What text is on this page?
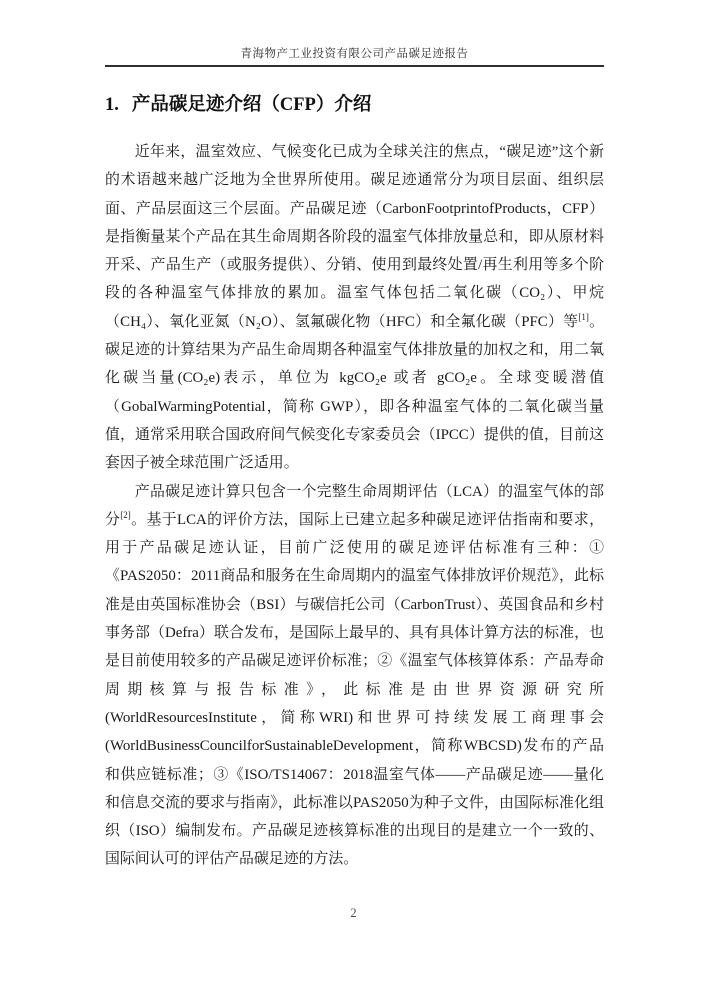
青海物产工业投资有限公司产品碳足迹报告
1. 产品碳足迹介绍（CFP）介绍

近年来，温室效应、气候变化已成为全球关注的焦点，“碳足迹”这个新的术语越来越广泛地为全世界所使用。碳足迹通常分为项目层面、组织层面、产品层面这三个层面。产品碳足迹（CarbonFootprintofProducts，CFP）是指衡量某个产品在其生命周期各阶段的温室气体排放量总和，即从原材料开采、产品生产（或服务提供）、分销、使用到最终处置/再生利用等多个阶段的各种温室气体排放的累加。温室气体包括二氧化碳（CO₂）、甲烷（CH₄）、氧化亚氮（N₂O）、氢氟碳化物（HFC）和全氟化碳（PFC）等[1]。碳足迹的计算结果为产品生命周期各种温室气体排放量的加权之和，用二氧化碳当量(CO₂e)表示，单位为 kgCO₂e 或者 gCO₂e。全球变暖潜值（GobalWarmingPotential，简称 GWP），即各种温室气体的二氧化碳当量值，通常采用联合国政府间气候变化专家委员会（IPCC）提供的值，目前这套因子被全球范围广泛适用。

产品碳足迹计算只包含一个完整生命周期评估（LCA）的温室气体的部分[2]。基于LCA的评价方法，国际上已建立起多种碳足迹评估指南和要求，用于产品碳足迹认证，目前广泛使用的碳足迹评估标准有三种：①《PAS2050：2011商品和服务在生命周期内的温室气体排放评价规范》，此标准是由英国标准协会（BSI）与碳信托公司（CarbonTrust）、英国食品和乡村事务部（Defra）联合发布，是国际上最早的、具有具体计算方法的标准，也是目前使用较多的产品碳足迹评价标准；②《温室气体核算体系：产品寿命周期核算与报告标准》，此标准是由世界资源研究所(WorldResourcesInstitute，简称WRI)和世界可持续发展工商理事会(WorldBusinessCouncilforSustainableDevelopment，简称WBCSD)发布的产品和供应链标准；③《ISO/TS14067：2018温室气体——产品碳足迹——量化和信息交流的要求与指南》，此标准以PAS2050为种子文件，由国际标准化组织（ISO）编制发布。产品碳足迹核算标准的出现目的是建立一个一致的、国际间认可的评估产品碳足迹的方法。

2
